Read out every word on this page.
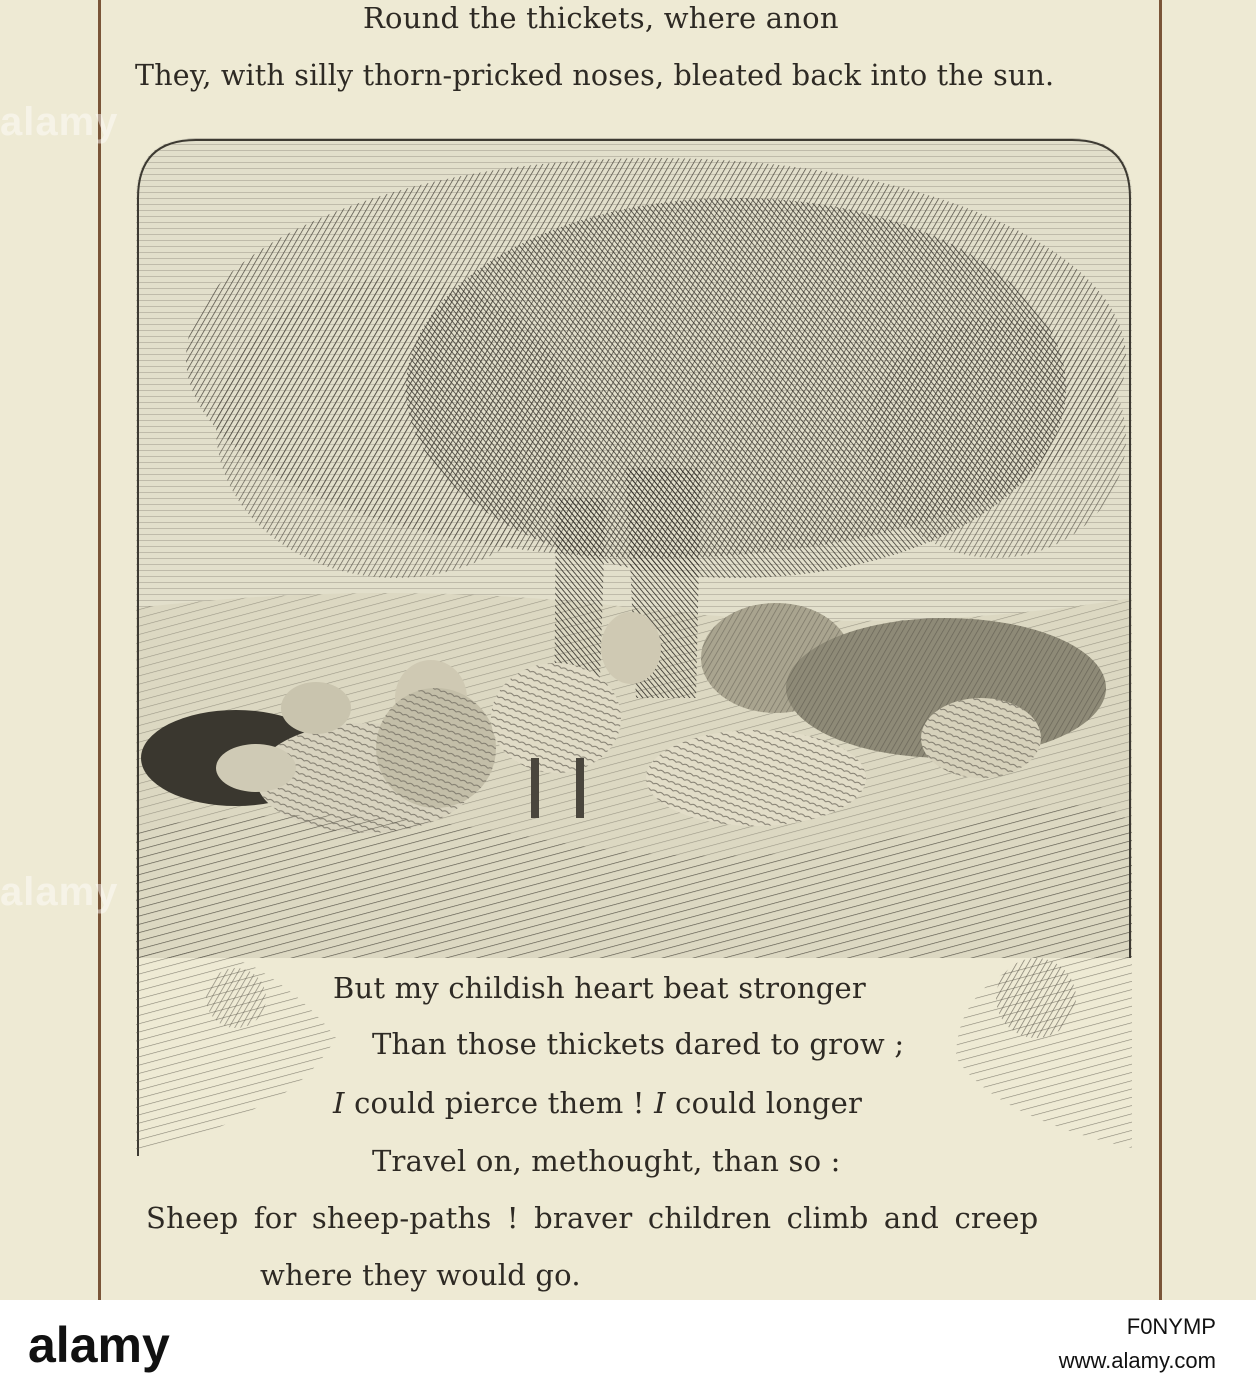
Round the thickets, where anon
They, with silly thorn-pricked noses, bleated back into the sun.
But my childish heart beat stronger
Than those thickets dared to grow ;
I could pierce them ! I could longer
Travel on, methought, than so :
Sheep for sheep-paths ! braver children climb and creep
where they would go.
alamy
alamy
alamy	F0NYMP
www.alamy.com
